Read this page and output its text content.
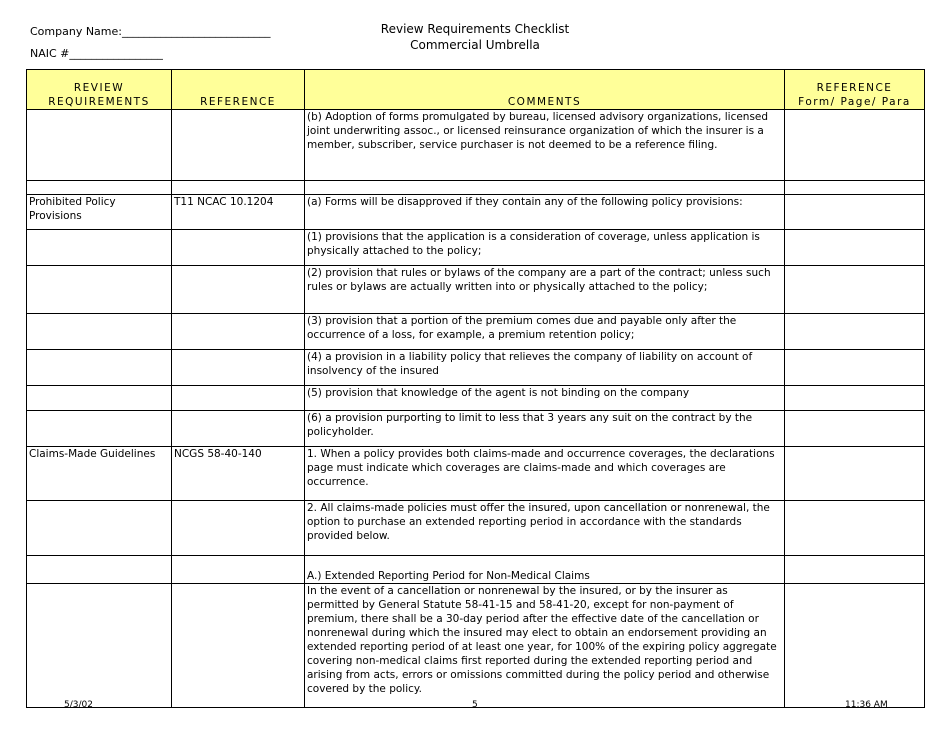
Company Name:___________________________
NAIC #_________________
Review Requirements Checklist
Commercial Umbrella
REVIEW REQUIREMENTS	REFERENCE	COMMENTS	REFERENCE
Form/ Page/ Para

		(b) Adoption of forms promulgated by bureau, licensed advisory organizations, licensed joint underwriting assoc., or licensed reinsurance organization of which the insurer is a member, subscriber, service purchaser is not deemed to be a reference filing.	

Prohibited Policy Provisions	T11 NCAC 10.1204	(a) Forms will be disapproved if they contain any of the following policy provisions:	
		(1) provisions that the application is a consideration of coverage, unless application is physically attached to the policy;	
		(2) provision that rules or bylaws of the company are a part of the contract; unless such rules or bylaws are actually written into or physically attached to the policy;	
		(3) provision that a portion of the premium comes due and payable only after the occurrence of a loss, for example, a premium retention policy;	
		(4) a provision in a liability policy that relieves the company of liability on account of insolvency of the insured	
		(5) provision that knowledge of the agent is not binding on the company	
		(6) a provision purporting to limit to less that 3 years any suit on the contract by the policyholder.	
Claims-Made Guidelines	NCGS 58-40-140	1. When a policy provides both claims-made and occurrence coverages, the declarations page must indicate which coverages are claims-made and which coverages are occurrence.	
		2. All claims-made policies must offer the insured, upon cancellation or nonrenewal, the option to purchase an extended reporting period in accordance with the standards provided below.	
		A.) Extended Reporting Period for Non-Medical Claims	
		In the event of a cancellation or nonrenewal by the insured, or by the insurer as permitted by General Statute 58-41-15 and 58-41-20, except for non-payment of premium, there shall be a 30-day period after the effective date of the cancellation or nonrenewal during which the insured may elect to obtain an endorsement providing an extended reporting period of at least one year, for 100% of the expiring policy aggregate covering non-medical claims first reported during the extended reporting period and arising from acts, errors or omissions committed during the policy period and otherwise covered by the policy.	
5/3/02	5	11:36 AM
